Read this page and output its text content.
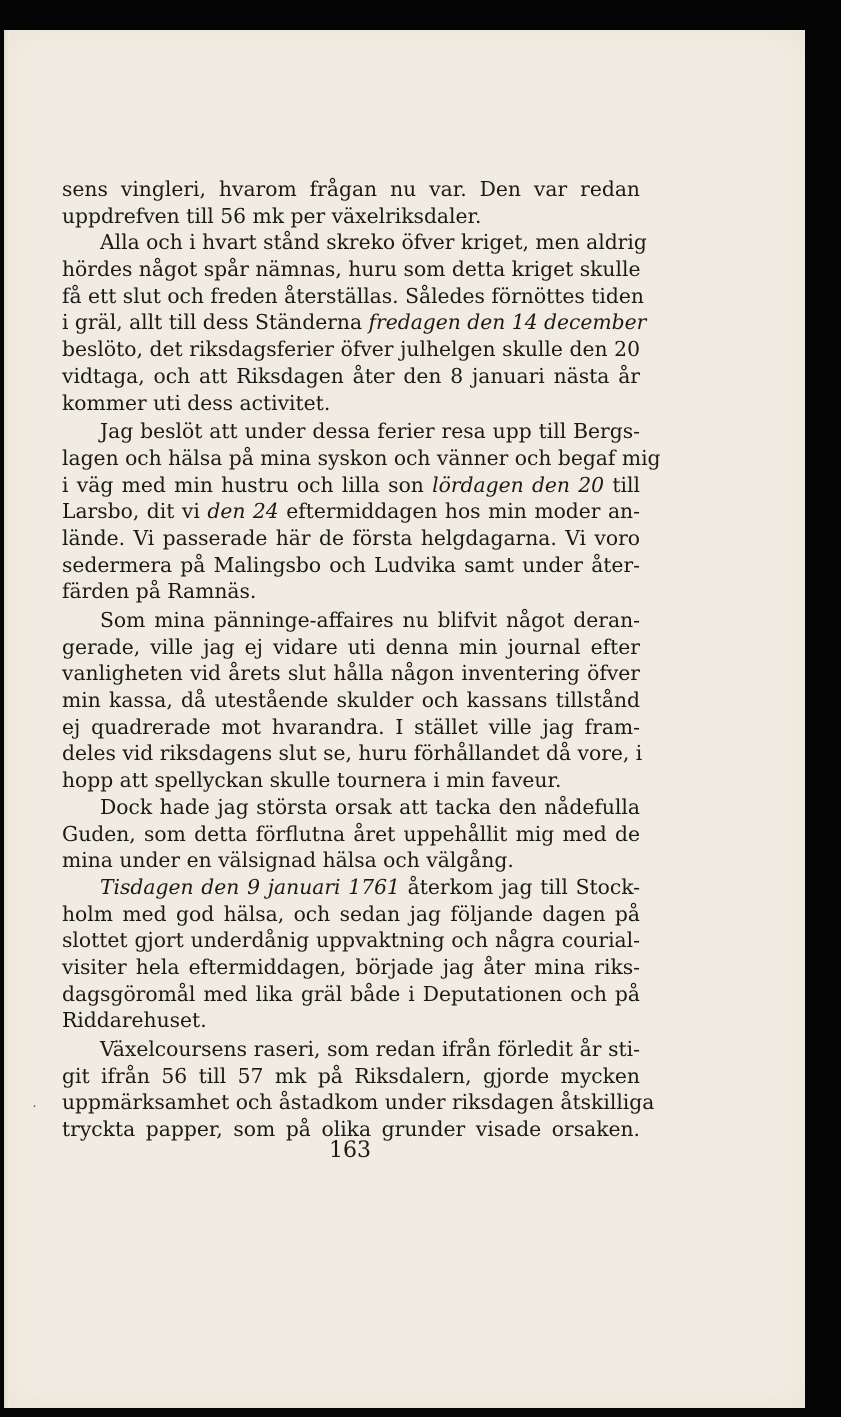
sens vingleri, hvarom frågan nu var. Den var redan
uppdrefven till 56 mk per växelriksdaler.
Alla och i hvart stånd skreko öfver kriget, men aldrig
hördes något spår nämnas, huru som detta kriget skulle
få ett slut och freden återställas. Således förnöttes tiden
i gräl, allt till dess Ständerna fredagen den 14 december
beslöto, det riksdagsferier öfver julhelgen skulle den 20
vidtaga, och att Riksdagen åter den 8 januari nästa år
kommer uti dess activitet.
Jag beslöt att under dessa ferier resa upp till Bergs-
lagen och hälsa på mina syskon och vänner och begaf mig
i väg med min hustru och lilla son lördagen den 20 till
Larsbo, dit vi den 24 eftermiddagen hos min moder an-
lände. Vi passerade här de första helgdagarna. Vi voro
sedermera på Malingsbo och Ludvika samt under åter-
färden på Ramnäs.
Som mina pänninge-affaires nu blifvit något deran-
gerade, ville jag ej vidare uti denna min journal efter
vanligheten vid årets slut hålla någon inventering öfver
min kassa, då utestående skulder och kassans tillstånd
ej quadrerade mot hvarandra. I stället ville jag fram-
deles vid riksdagens slut se, huru förhållandet då vore, i
hopp att spellyckan skulle tournera i min faveur.
Dock hade jag största orsak att tacka den nådefulla
Guden, som detta förflutna året uppehållit mig med de
mina under en välsignad hälsa och välgång.
Tisdagen den 9 januari 1761 återkom jag till Stock-
holm med god hälsa, och sedan jag följande dagen på
slottet gjort underdånig uppvaktning och några courial-
visiter hela eftermiddagen, började jag åter mina riks-
dagsgöromål med lika gräl både i Deputationen och på
Riddarehuset.
Växelcoursens raseri, som redan ifrån förledit år sti-
git ifrån 56 till 57 mk på Riksdalern, gjorde mycken
uppmärksamhet och åstadkom under riksdagen åtskilliga
tryckta papper, som på olika grunder visade orsaken.
˙
163
